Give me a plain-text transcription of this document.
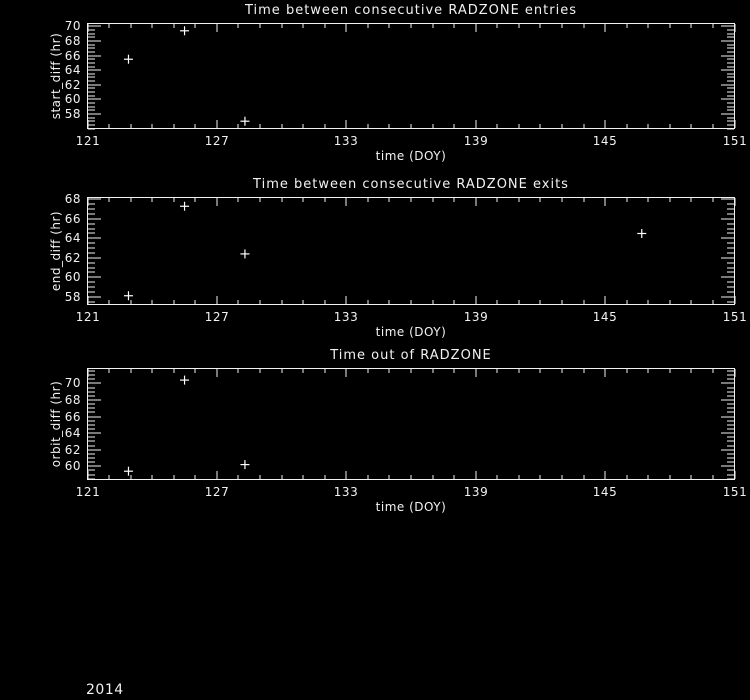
Time between consecutive RADZONE entries
start_diff (hr)
121	127	133	139	145	151
58
60
62
64
66
68
70
time (DOY)
Time between consecutive RADZONE exits
end_diff (hr)
121	127	133	139	145	151
58
60
62
64
66
68
time (DOY)
Time out of RADZONE
orbit_diff (hr)
121	127	133	139	145	151
60
62
64
66
68
70
time (DOY)
2014
